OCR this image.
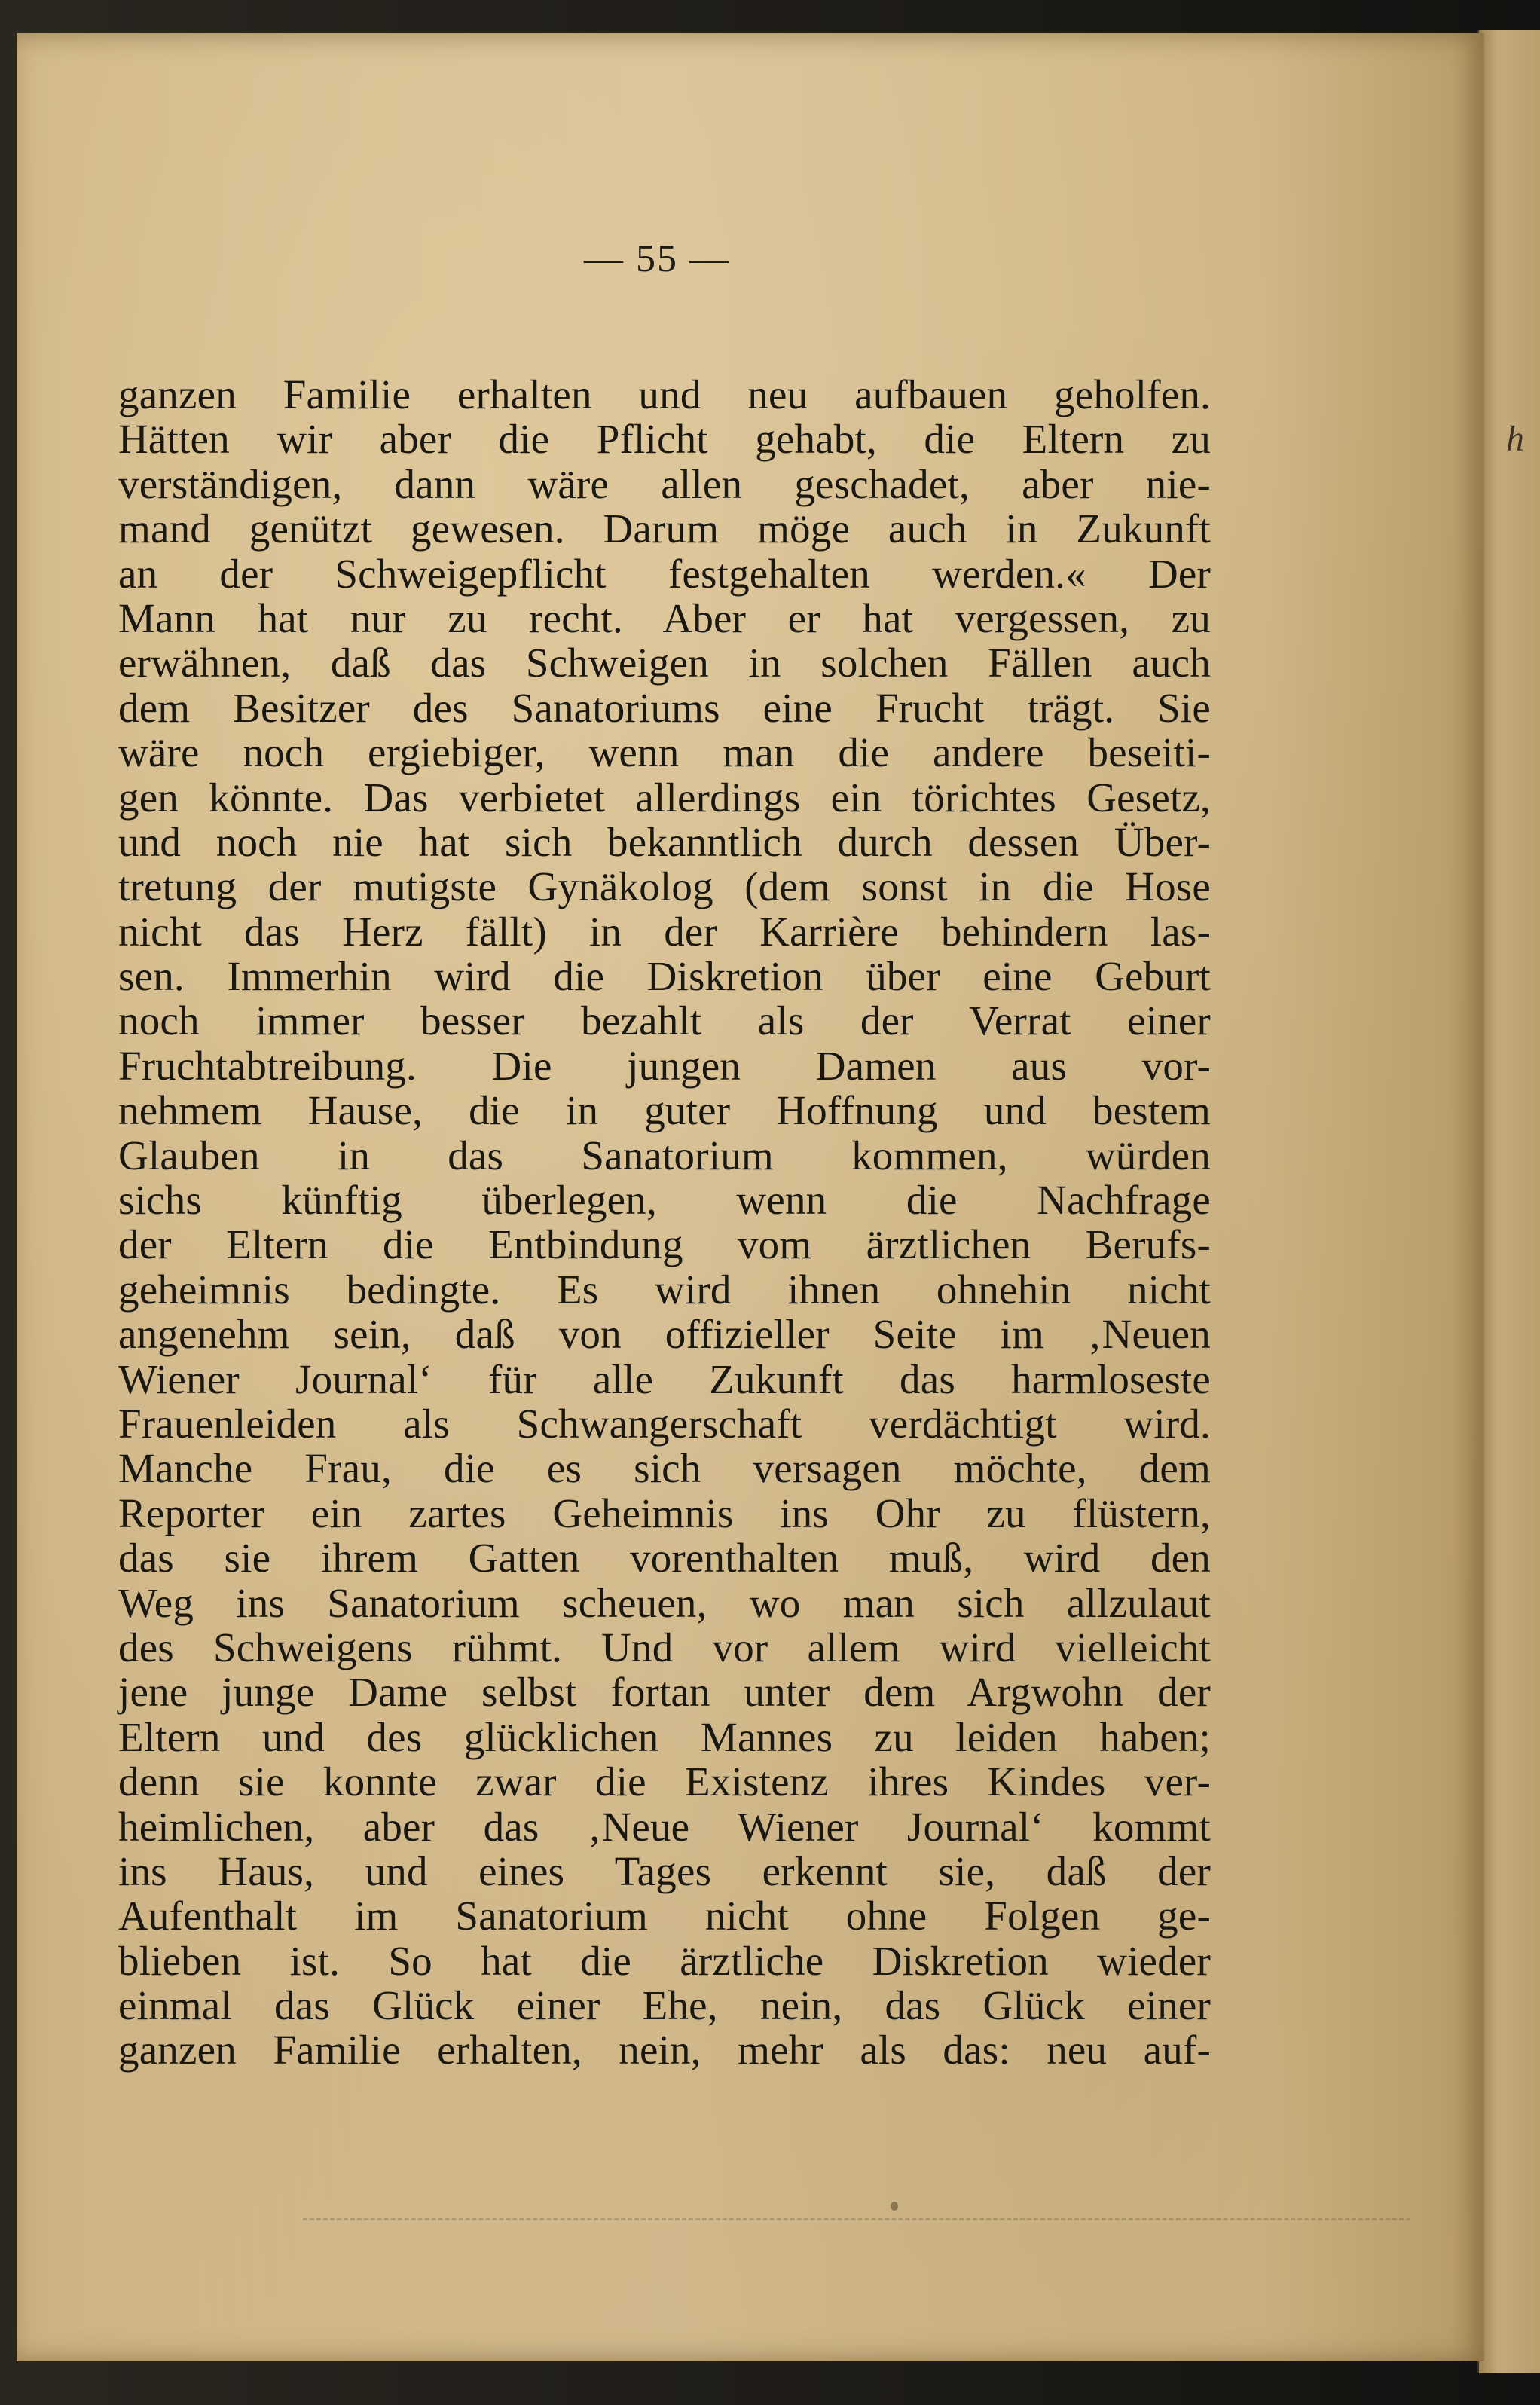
h
— 55 —
ganzen Familie erhalten und neu aufbauen geholfen.
Hätten wir aber die Pflicht gehabt, die Eltern zu
verständigen, dann wäre allen geschadet, aber nie-
mand genützt gewesen. Darum möge auch in Zukunft
an der Schweigepflicht festgehalten werden.« Der
Mann hat nur zu recht. Aber er hat vergessen, zu
erwähnen, daß das Schweigen in solchen Fällen auch
dem Besitzer des Sanatoriums eine Frucht trägt. Sie
wäre noch ergiebiger, wenn man die andere beseiti-
gen könnte. Das verbietet allerdings ein törichtes Gesetz,
und noch nie hat sich bekanntlich durch dessen Über-
tretung der mutigste Gynäkolog (dem sonst in die Hose
nicht das Herz fällt) in der Karrière behindern las-
sen. Immerhin wird die Diskretion über eine Geburt
noch immer besser bezahlt als der Verrat einer
Fruchtabtreibung. Die jungen Damen aus vor-
nehmem Hause, die in guter Hoffnung und bestem
Glauben in das Sanatorium kommen, würden
sichs künftig überlegen, wenn die Nachfrage
der Eltern die Entbindung vom ärztlichen Berufs-
geheimnis bedingte. Es wird ihnen ohnehin nicht
angenehm sein, daß von offizieller Seite im ‚Neuen
Wiener Journal‘ für alle Zukunft das harmloseste
Frauenleiden als Schwangerschaft verdächtigt wird.
Manche Frau, die es sich versagen möchte, dem
Reporter ein zartes Geheimnis ins Ohr zu flüstern,
das sie ihrem Gatten vorenthalten muß, wird den
Weg ins Sanatorium scheuen, wo man sich allzulaut
des Schweigens rühmt. Und vor allem wird vielleicht
jene junge Dame selbst fortan unter dem Argwohn der
Eltern und des glücklichen Mannes zu leiden haben;
denn sie konnte zwar die Existenz ihres Kindes ver-
heimlichen, aber das ‚Neue Wiener Journal‘ kommt
ins Haus, und eines Tages erkennt sie, daß der
Aufenthalt im Sanatorium nicht ohne Folgen ge-
blieben ist. So hat die ärztliche Diskretion wieder
einmal das Glück einer Ehe, nein, das Glück einer
ganzen Familie erhalten, nein, mehr als das: neu auf-
